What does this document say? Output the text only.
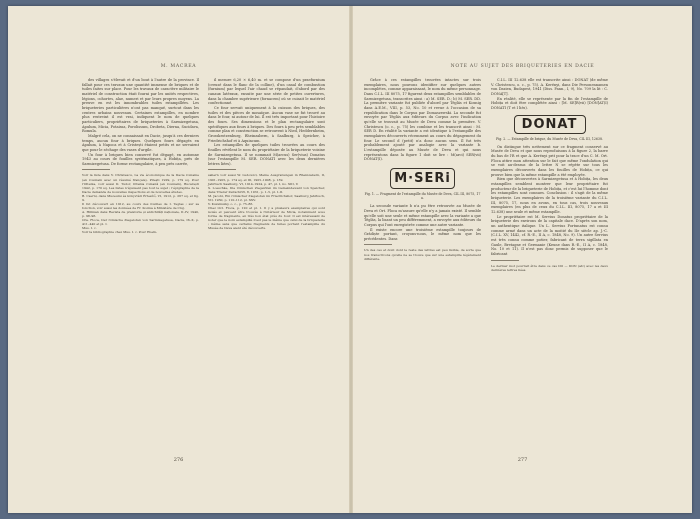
M. MACREA

des villages s'élevait et d'un bout à l'autre de la province. Il fallait pour ces travaux une quantité immense de briques et de tuiles faites sur place. Pour les travaux de caractère militaire le matériel de construction était fourni par les unités respectives, légions, cohortes, alae, numeri et par leurs propres moyens. La preuve en est les innombrables tuiles estampillées. Les briqueteries particulières n'ont pas manqué, surtout dans les centres urbains nouveaux. Certaines estampilles, en nombre plus restreint il est vrai, indiquent le nom de quelques particuliers, propriétaires de briqueteries à Sarmizegetusa, Apulum, Micia, Potaissa, Porolissum, Drobeta, Dierna, Sucidava, Romula.

Malgré cela, on ne connaissait en Dacie, jusqu'à ces derniers temps, aucun four à briques. Quelques fours dégagés en Apulum, à Napoca et à Cristești étaient petits et ne servaient que pour le séchage des vases d'argile.

Un four à briques bien conservé fut dégagé, en automne 1943 au cours de fouilles systématiques, à Hobița, près de Sarmizegetusa. De forme rectangulaire, à peu près carrée,

Voir la liste dans V. Christescu, La vie économique de la Dacie romaine (en roumain avec un résumé français), Pitești 1929, p. 179 sq. Pour l'Oltenia, voir aussi D. Tudor, Oltenia romană (en roumain), Bucarești 1942, p. 170 sq. Les listes n'épuisent pas tout le sujet ; l'épigraphie de la Dacie demande de nouvelles inspections et de nouvelles études.

B. Cserni, dans Muzeumi és könyvtári Értesítő, VI, 1912, p. 267 sq. et fig. 9.

Il fut découvert en 1912, au cours des fouilles de I. Teglas ; sur sa fonction, voir aussi les données de Fr. Kozma à Ministère de Cluj.

A. Hillman dans Revista de praistorie și antichități naționale, II–IV, 1940, p. 98–96.

Ora. Floca, Der römische Ziegelofen von Sarmizegetusa, Dacia, IX–X, p. 411–440 et pl. I.

Mus. I. c.

Voir la bibliographie chez Mus. I. c. Pour Ebeln-

il mesure 6,20 × 6,40 m. et se compose d'un praefurnium (creusé dans le flanc de la colline), d'un canal de combustion (furnium) par lequel l'air chaud se répandait, d'abord par des canaux latéraux, ensuite par une série de petites ouvertures, dans la chambre supérieure (fornacem) où se cuisait le matériel confectionné.

Ce four servait uniquement à la cuisson des briques, des tuiles et des pièces de mosaïque. Aucun vase ne fut trouvé au dans le four, ni autour de lui. Il est très important pour l'histoire des fours. Ses dimensions et le plan rectangulaire sont spécifiques aux fours à briques. Des fours à peu près semblables comme plan et construction se retrouvent à Nied, Heddernheim, Grosskrotzenburg, Rheinzabern, à Saalburg, à Speicher, à Friedrichshof et à Aquincum.

Les estampilles de quelques tuiles trouvées au cours des fouilles révèlent le nom du propriétaire de la briqueterie voisine de Sarmizegetusa. Il se nommait M(arcus) Ser(vius) Donatus (sur l'estampille M. SER. DONATI avec les deux dernières lettres liées).

sahern voir aussi W. Ludowici, Meine Ausgrabungen in Rheinzabern, II, 1901–1905, p. 174 sq. et III, 1905–1908, p. 139.

Jahrbuch Saalburg, VI, 1914–1924, p. 47, pl. I, no. XIII, V.

S. Loeschke, Die römischen Ziegelöfen im Gemeindewald von Speicher, dans Trierer Zeitschrift, 8, 1931, p. 1–5, pl. I–II.

M. Jacobi, Ein römischer Ziegelofen im Friedrichshof, Saalburg Jahrbuch, VII, 1930, p. 110–112, pl. XXV.

V. Kuzsinszky, o. c., p. 75–86.

Chez Ovt. Floca, p. 120 et pl. 1. Il y a plusieurs exemplaires qui sont isolés et peuvent être trouvés à l'intérieur de Micia, notamment sous forme de fragments, en très bon état près du four. Il est intéressant de noter que le nom estampillé n'est pas le même que celui de la briqueterie ; même sans que certains fragments de tuiles portant l'estampille du Musée de Deva aient été découverts.

276
NOTE AU SUJET DES BRIQUETERIES EN DACIE

Grâce à ces estampilles trouvées intactes sur trois exemplaires, nous pouvons identifier sur quelques autres incomplètes, comme apparaissant, le nom du même personnage. Dans C.I.L. III 8075, 17 figurent deux estampilles semblables de Sarmizegetusa, transcrites ainsi : a) M. SER. D.; b) M. SER. DD. La première variante fut publiée d'abord par Téglás et Kosnig dans A.E.M., VIII, p. 53, No. 10 et revue à l'occasion de sa republication dans le Corpus par Domaszewski. La seconde fut envoyée par Téglás aux éditeurs du Corpus avec l'indication qu'elle se trouvait au Musée de Deva comme la première. V. Christescu (o. c., p. 75) les combine et les transcrit ainsi : M. SER D. En réalité la variante a est identique à l'estampille des exemplaires découverts récemment au cours du dégagement du four. Le second d (petit) n'a donc aucun sens. Il fut très probablement ajouté par analogie avec la variante b. L'estampille déposée au Musée de Deva et qui nous représentons dans la figure 1 doit se lire : M(arci) SER(vii) DONAT(I).

M·SERi

Fig. 1. — Fragment de l'estampille du Musée de Deva, CIL III, 8075, 17 a.

La seconde variante b n'a pu être retrouvée au Musée de Deva et Ort. Floca m'assure qu'elle n'y a jamais existé. Il semble qu'elle soit une seule et même estampille avec la variante a que Téglás, la lisant un peu différemment, a envoyée aux éditeurs du Corpus qui l'ont enregistrée comme une autre variante.

Il existe encore une troisième estampille toujours de Grădiște portant, croyons-nous, le même nom que les précédentes. Dans

Un des ces et dont dont le reste des lettres est peu lisible, de sorte que nos transcrivons qu'elle ne se trouve que sur une estampille légèrement différente.

C.I.L. III 12.638 elle est transcrite ainsi : DONAT (de même V. Christescu, o. c., p. 75). A. Kerényi, dans Die Personennamen von Dazien, Budapest, 1941 (Diss. Pann., I, 9), No. 709 la lit : C. DONA[T].

En réalité, elle se représente par la fin de l'estampille de Hobița et doit être complétée ainsi : [M. SE]R(vii) [DON]AT(I) DONATI (T et I liés).

DONAT

Fig. 2. — Estampille de brique, du Musée de Deva, CIL III, 12638.

On distingue très nettement sur ce fragment conservé au Musée de Deva et que nous reproduisons à la figure 2, la barre du bas de l'R et que A. Kerényi prit pour la trace d'un C. M. Ort. Floca attire mon attention sur le fait que même l'ondulation qui se voit au-dessus de la lettre N se répète sur tous les exemplaires découverts dans les fouilles de Hobița, ce qui prouve bien que la même estampille a été employée.

Bien que découvertes à Sarmizegetusa et à Hobița, les deux estampilles semblent montrer que leur propriétaire fut producteur de la briqueterie de Hobița, et c'est lui l'homme dont les estampilles sont connues. Conclusion : il s'agit de la même briqueterie. Les exemplaires de la troisième variante du C.I.L. III, 8075, 17, nous en avons, en tous cas, trois nouveaux exemplaires (en plus de ceux du C.I.L. III, 8075, 17 a et III 12.638) une seule et même estampille.

Le propriétaire est M. Servius Donatus propriétaire de la briqueterie des environs de la capitale dace. D'après son nom, un authentique italique. Un L. Servius Fortunatus est connu comme armé dans un acte de la moitié du IIe siècle ap. J.-C. (C.I.L. XV, 1442, cf. R.-E., II A, c. 1848, No. 9). Un autre Servius est très connu comme potier, fabricant de terra sigillata en Gaule, Bretagne et Germanie (Keune dans R.-E., II A, c. 1848, No. 10 et 11). Il n'est pas donc permis de supposer que le fabricant

Le dernier mot pourrait être dans ce cas DO — DON (afc) avec les deux dernières lettres liées.

277
